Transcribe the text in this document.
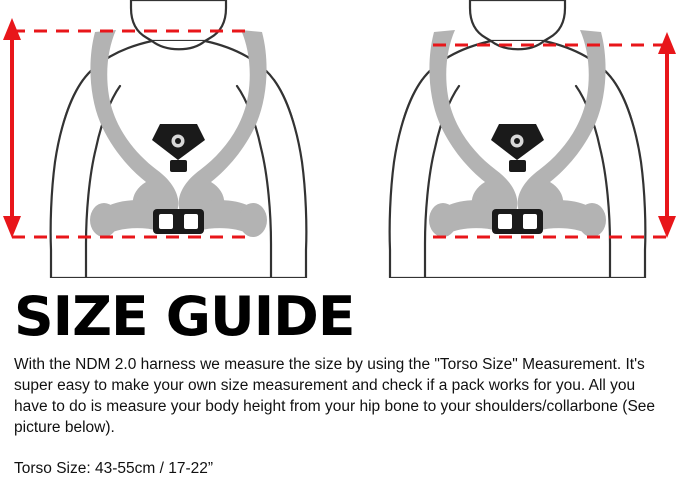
SIZE GUIDE

With the NDM 2.0 harness we measure the size by using the "Torso Size" Measurement. It's super easy to make your own size measurement and check if a pack works for you. All you have to do is measure your body height from your hip bone to your shoulders/collarbone (See picture below).

Torso Size: 43-55cm / 17-22”
